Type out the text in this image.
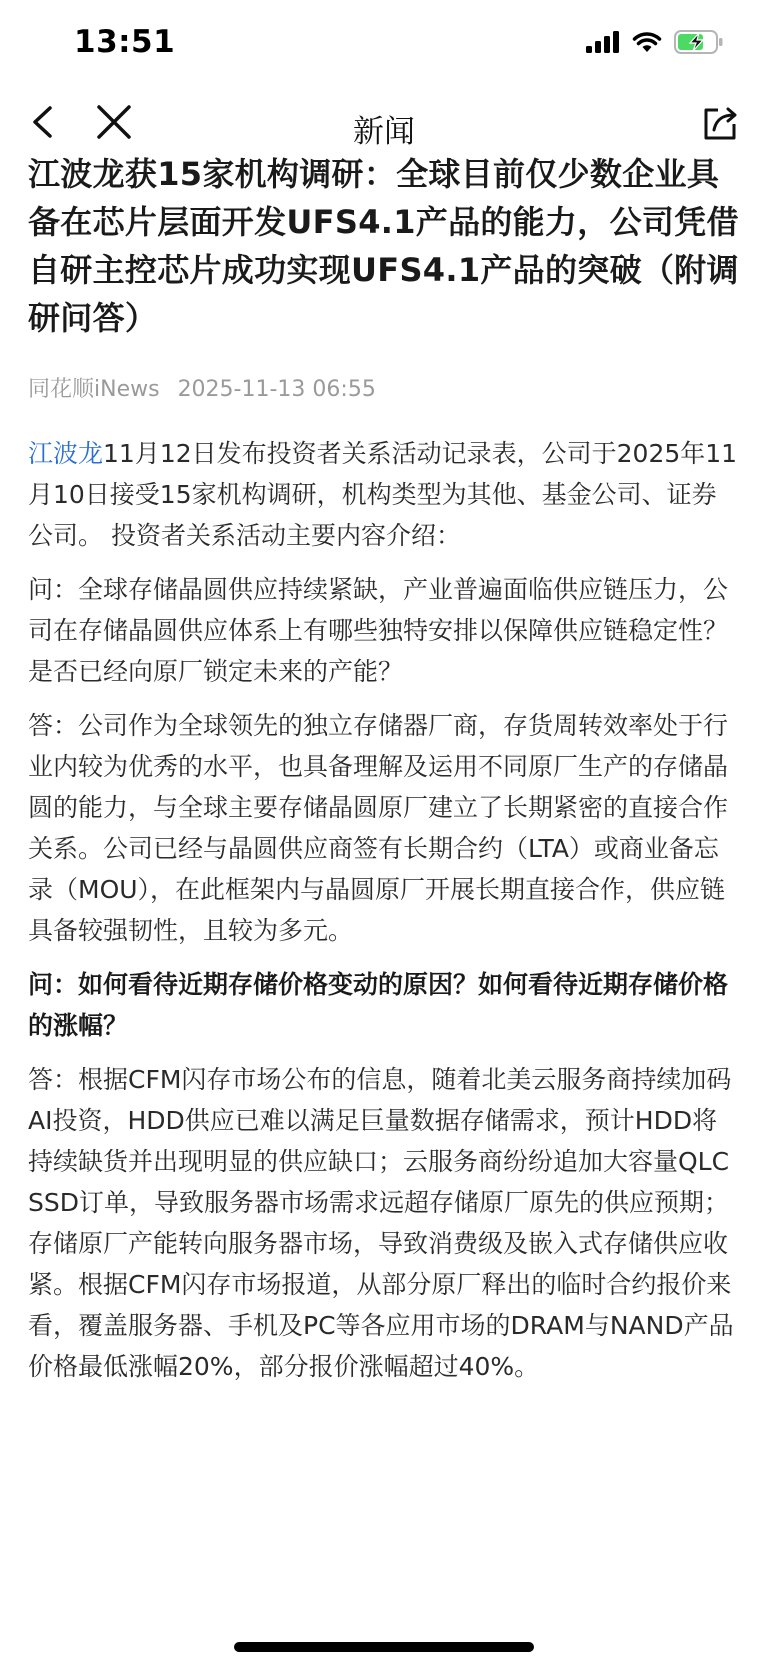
13:51
新闻
江波龙获15家机构调研：全球目前仅少数企业具备在芯片层面开发UFS4.1产品的能力，公司凭借自研主控芯片成功实现UFS4.1产品的突破（附调研问答）
同花顺iNews 2025-11-13 06:55

江波龙11月12日发布投资者关系活动记录表，公司于2025年11月10日接受15家机构调研，机构类型为其他、基金公司、证券公司。 投资者关系活动主要内容介绍：

问：全球存储晶圆供应持续紧缺，产业普遍面临供应链压力，公司在存储晶圆供应体系上有哪些独特安排以保障供应链稳定性？是否已经向原厂锁定未来的产能？

答：公司作为全球领先的独立存储器厂商，存货周转效率处于行业内较为优秀的水平，也具备理解及运用不同原厂生产的存储晶圆的能力，与全球主要存储晶圆原厂建立了长期紧密的直接合作关系。公司已经与晶圆供应商签有长期合约（LTA）或商业备忘录（MOU），在此框架内与晶圆原厂开展长期直接合作，供应链具备较强韧性，且较为多元。

问：如何看待近期存储价格变动的原因？如何看待近期存储价格的涨幅？

答：根据CFM闪存市场公布的信息，随着北美云服务商持续加码AI投资，HDD供应已难以满足巨量数据存储需求，预计HDD将持续缺货并出现明显的供应缺口；云服务商纷纷追加大容量QLC SSD订单，导致服务器市场需求远超存储原厂原先的供应预期；存储原厂产能转向服务器市场，导致消费级及嵌入式存储供应收紧。根据CFM闪存市场报道，从部分原厂释出的临时合约报价来看，覆盖服务器、手机及PC等各应用市场的DRAM与NAND产品价格最低涨幅20%，部分报价涨幅超过40%。
